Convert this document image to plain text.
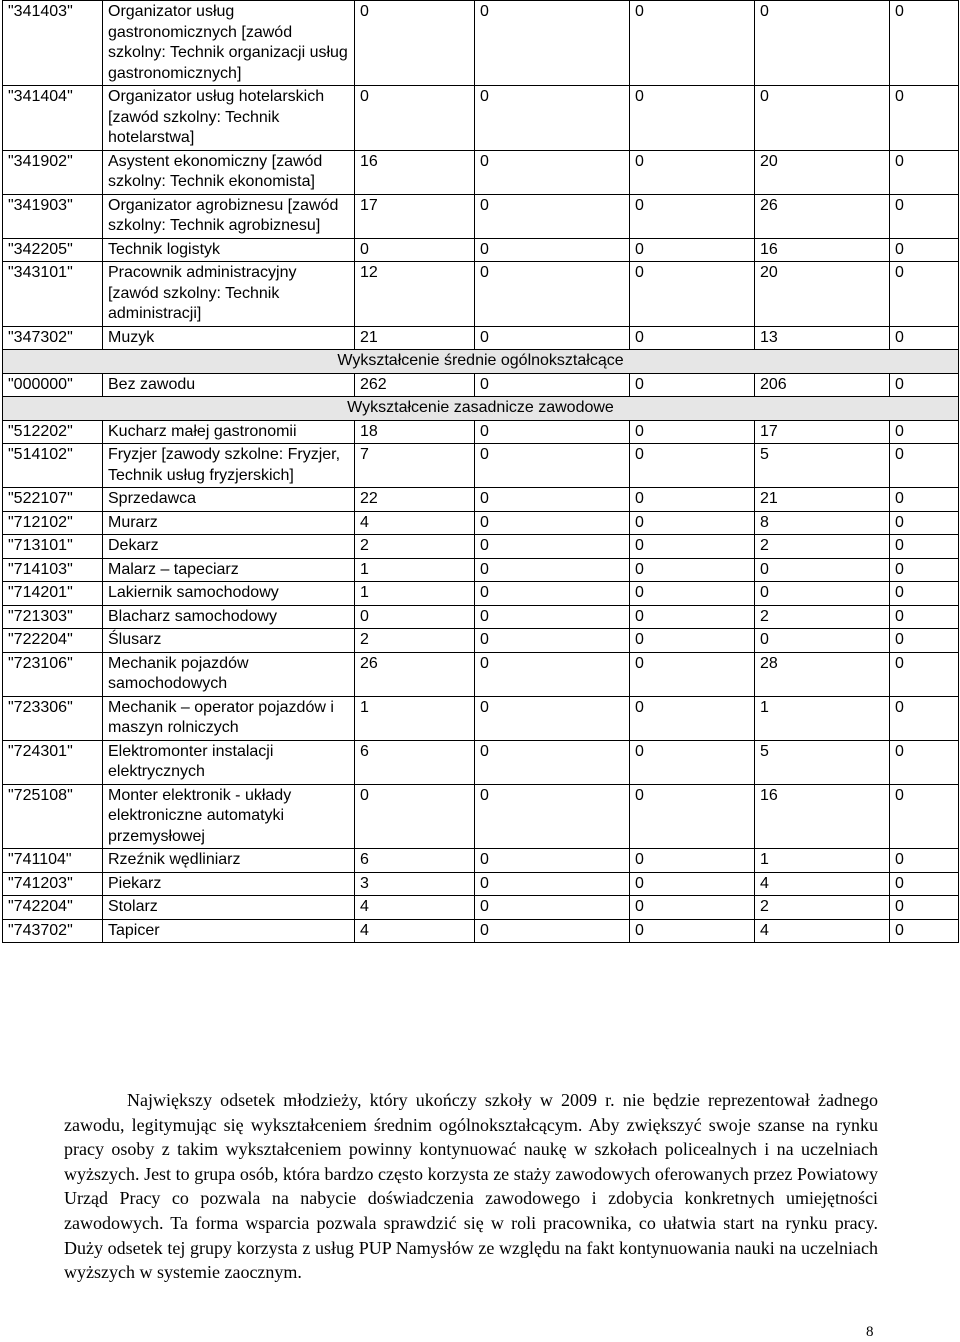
"341403"	Organizator usług gastronomicznych [zawód szkolny: Technik organizacji usług gastronomicznych]	0	0	0	0	0
"341404"	Organizator usług hotelarskich [zawód szkolny: Technik hotelarstwa]	0	0	0	0	0
"341902"	Asystent ekonomiczny [zawód szkolny: Technik ekonomista]	16	0	0	20	0
"341903"	Organizator agrobiznesu [zawód szkolny: Technik agrobiznesu]	17	0	0	26	0
"342205"	Technik logistyk	0	0	0	16	0
"343101"	Pracownik administracyjny [zawód szkolny: Technik administracji]	12	0	0	20	0
"347302"	Muzyk	21	0	0	13	0
Wykształcenie średnie ogólnokształcące						
"000000"	Bez zawodu	262	0	0	206	0
Wykształcenie zasadnicze zawodowe						
"512202"	Kucharz małej gastronomii	18	0	0	17	0
"514102"	Fryzjer [zawody szkolne: Fryzjer, Technik usług fryzjerskich]	7	0	0	5	0
"522107"	Sprzedawca	22	0	0	21	0
"712102"	Murarz	4	0	0	8	0
"713101"	Dekarz	2	0	0	2	0
"714103"	Malarz – tapeciarz	1	0	0	0	0
"714201"	Lakiernik samochodowy	1	0	0	0	0
"721303"	Blacharz samochodowy	0	0	0	2	0
"722204"	Ślusarz	2	0	0	0	0
"723106"	Mechanik pojazdów samochodowych	26	0	0	28	0
"723306"	Mechanik – operator pojazdów i maszyn rolniczych	1	0	0	1	0
"724301"	Elektromonter instalacji elektrycznych	6	0	0	5	0
"725108"	Monter elektronik - układy elektroniczne automatyki przemysłowej	0	0	0	16	0
"741104"	Rzeźnik wędliniarz	6	0	0	1	0
"741203"	Piekarz	3	0	0	4	0
"742204"	Stolarz	4	0	0	2	0
"743702"	Tapicer	4	0	0	4	0

Największy odsetek młodzieży, który ukończy szkoły w 2009 r. nie będzie reprezentował żadnego zawodu, legitymując się wykształceniem średnim ogólnokształcącym. Aby zwiększyć swoje szanse na rynku pracy osoby z takim wykształceniem powinny kontynuować naukę w szkołach policealnych i na uczelniach wyższych. Jest to grupa osób, która bardzo często korzysta ze staży zawodowych oferowanych przez Powiatowy Urząd Pracy co pozwala na nabycie doświadczenia zawodowego i zdobycia konkretnych umiejętności zawodowych. Ta forma wsparcia pozwala sprawdzić się w roli pracownika, co ułatwia start na rynku pracy. Duży odsetek tej grupy korzysta z usług PUP Namysłów ze względu na fakt kontynuowania nauki na uczelniach wyższych w systemie zaocznym.

8
